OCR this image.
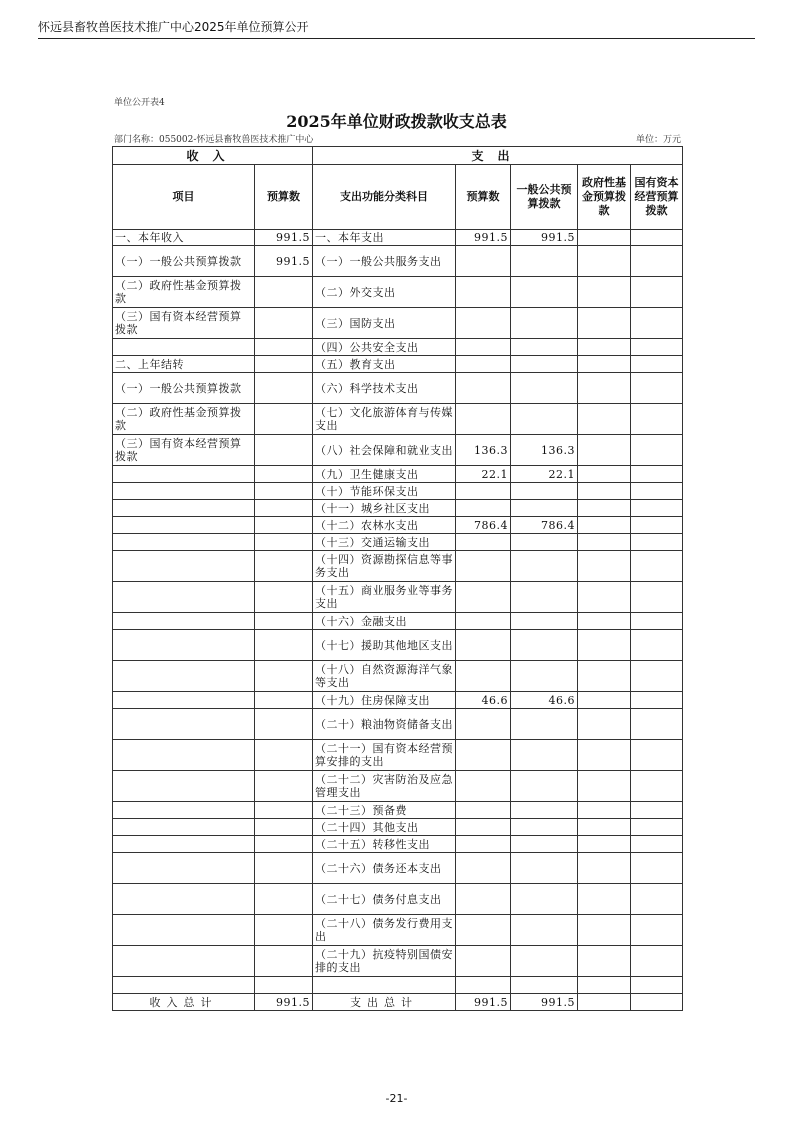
怀远县畜牧兽医技术推广中心2025年单位预算公开
单位公开表4
2025年单位财政拨款收支总表
部门名称：055002-怀远县畜牧兽医技术推广中心	单位：万元
收入		支出				
项目	预算数	支出功能分类科目	预算数	一般公共预算拨款	政府性基金预算拨款	国有资本经营预算拨款
一、本年收入	991.5	一、本年支出	991.5	991.5		
（一）一般公共预算拨款	991.5	（一）一般公共服务支出				
（二）政府性基金预算拨款		（二）外交支出				
（三）国有资本经营预算拨款		（三）国防支出				
		（四）公共安全支出				
二、上年结转		（五）教育支出				
（一）一般公共预算拨款		（六）科学技术支出				
（二）政府性基金预算拨款		（七）文化旅游体育与传媒支出				
（三）国有资本经营预算拨款		（八）社会保障和就业支出	136.3	136.3		
		（九）卫生健康支出	22.1	22.1		
		（十）节能环保支出				
		（十一）城乡社区支出				
		（十二）农林水支出	786.4	786.4		
		（十三）交通运输支出				
		（十四）资源勘探信息等事务支出				
		（十五）商业服务业等事务支出				
		（十六）金融支出				
		（十七）援助其他地区支出				
		（十八）自然资源海洋气象等支出				
		（十九）住房保障支出	46.6	46.6		
		（二十）粮油物资储备支出				
		（二十一）国有资本经营预算安排的支出				
		（二十二）灾害防治及应急管理支出				
		（二十三）预备费				
		（二十四）其他支出				
		（二十五）转移性支出				
		（二十六）债务还本支出				
		（二十七）债务付息支出				
		（二十八）债务发行费用支出				
		（二十九）抗疫特别国债安排的支出				

收入总计	991.5	支出总计	991.5	991.5		
-21-
